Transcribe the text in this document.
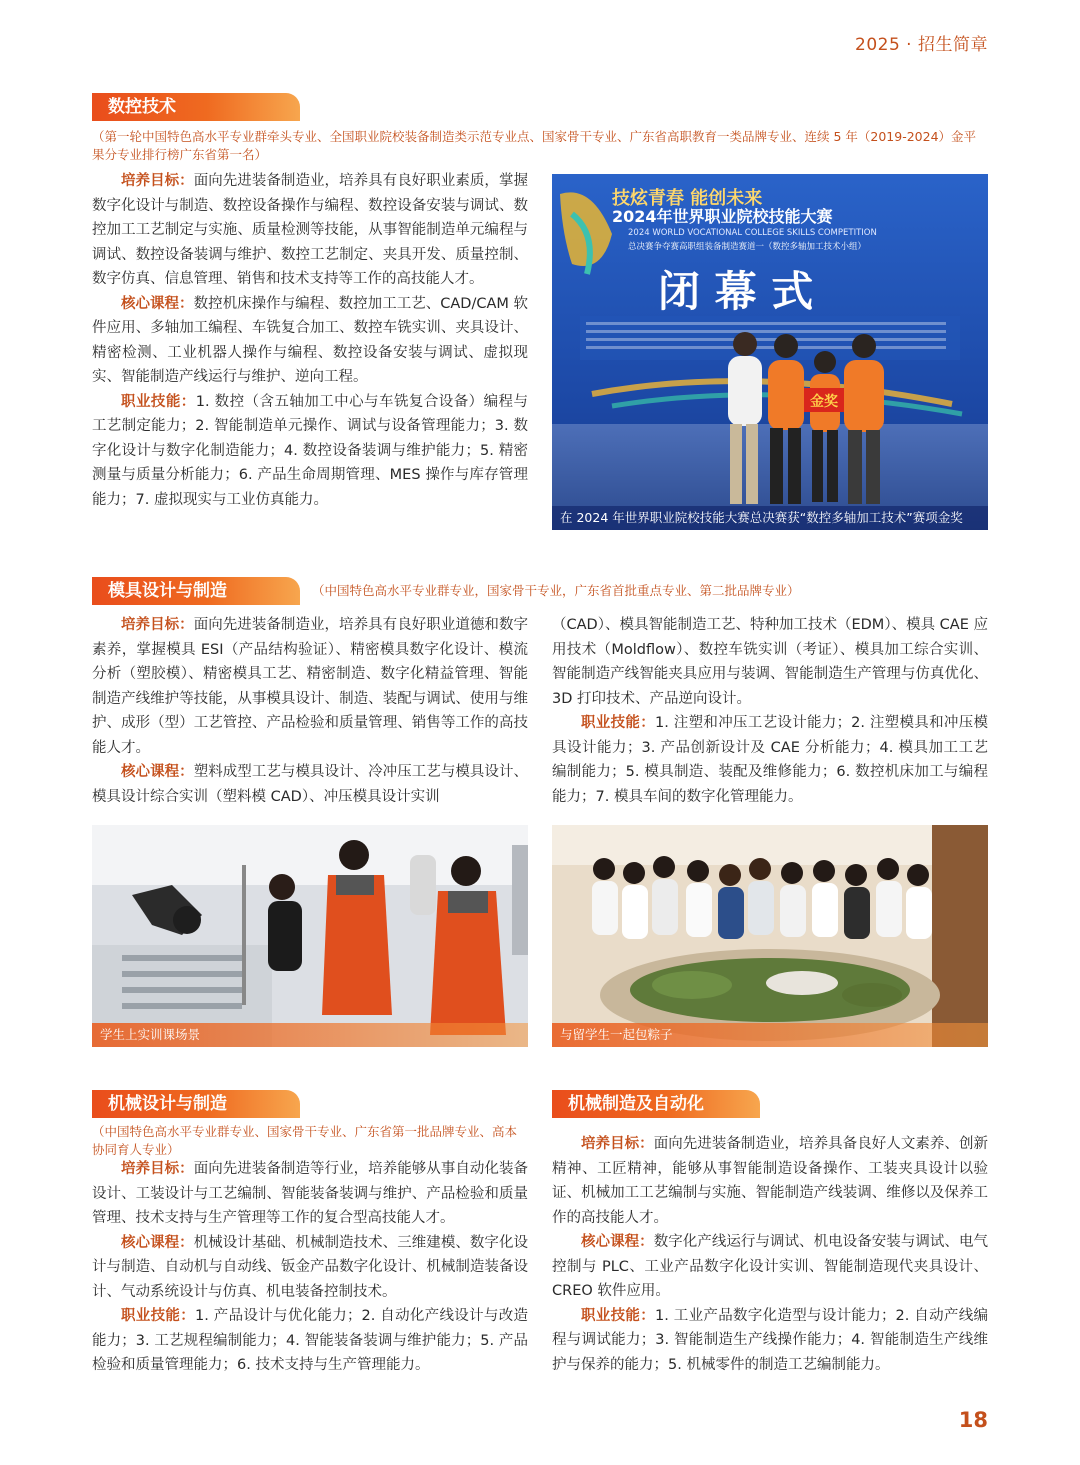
2025 · 招生简章
数控技术
（第一轮中国特色高水平专业群牵头专业、全国职业院校装备制造类示范专业点、国家骨干专业、广东省高职教育一类品牌专业、连续 5 年（2019-2024）金平果分专业排行榜广东省第一名）

培养目标：面向先进装备制造业，培养具有良好职业素质，掌握数字化设计与制造、数控设备操作与编程、数控设备安装与调试、数控加工工艺制定与实施、质量检测等技能，从事智能制造单元编程与调试、数控设备装调与维护、数控工艺制定、夹具开发、质量控制、数字仿真、信息管理、销售和技术支持等工作的高技能人才。

核心课程：数控机床操作与编程、数控加工工艺、CAD/CAM 软件应用、多轴加工编程、车铣复合加工、数控车铣实训、夹具设计、精密检测、工业机器人操作与编程、数控设备安装与调试、虚拟现实、智能制造产线运行与维护、逆向工程。

职业技能：1. 数控（含五轴加工中心与车铣复合设备）编程与工艺制定能力；2. 智能制造单元操作、调试与设备管理能力；3. 数字化设计与数字化制造能力；4. 数控设备装调与维护能力；5. 精密测量与质量分析能力；6. 产品生命周期管理、MES 操作与库存管理能力；7. 虚拟现实与工业仿真能力。

技炫青春 能创未来
2024年世界职业院校技能大赛
2024 WORLD VOCATIONAL COLLEGE SKILLS COMPETITION
总决赛争夺赛高职组装备制造赛道一（数控多轴加工技术小组）
闭 幕 式
金奖
在 2024 年世界职业院校技能大赛总决赛获“数控多轴加工技术”赛项金奖
模具设计与制造	（中国特色高水平专业群专业，国家骨干专业，广东省首批重点专业、第二批品牌专业）

培养目标：面向先进装备制造业，培养具有良好职业道德和数字素养，掌握模具 ESI（产品结构验证）、精密模具数字化设计、模流分析（塑胶模）、精密模具工艺、精密制造、数字化精益管理、智能制造产线维护等技能，从事模具设计、制造、装配与调试、使用与维护、成形（型）工艺管控、产品检验和质量管理、销售等工作的高技能人才。

核心课程：塑料成型工艺与模具设计、冷冲压工艺与模具设计、模具设计综合实训（塑料模 CAD）、冲压模具设计实训

（CAD）、模具智能制造工艺、特种加工技术（EDM）、模具 CAE 应用技术（Moldflow）、数控车铣实训（考证）、模具加工综合实训、智能制造产线智能夹具应用与装调、智能制造生产管理与仿真优化、3D 打印技术、产品逆向设计。

职业技能：1. 注塑和冲压工艺设计能力；2. 注塑模具和冲压模具设计能力；3. 产品创新设计及 CAE 分析能力；4. 模具加工工艺编制能力；5. 模具制造、装配及维修能力；6. 数控机床加工与编程能力；7. 模具车间的数字化管理能力。

学生上实训课场景	与留学生一起包粽子
机械设计与制造
（中国特色高水平专业群专业、国家骨干专业、广东省第一批品牌专业、高本协同育人专业）

培养目标：面向先进装备制造等行业，培养能够从事自动化装备设计、工装设计与工艺编制、智能装备装调与维护、产品检验和质量管理、技术支持与生产管理等工作的复合型高技能人才。

核心课程：机械设计基础、机械制造技术、三维建模、数字化设计与制造、自动机与自动线、钣金产品数字化设计、机械制造装备设计、气动系统设计与仿真、机电装备控制技术。

职业技能：1. 产品设计与优化能力；2. 自动化产线设计与改造能力；3. 工艺规程编制能力；4. 智能装备装调与维护能力；5. 产品检验和质量管理能力；6. 技术支持与生产管理能力。

机械制造及自动化

培养目标：面向先进装备制造业，培养具备良好人文素养、创新精神、工匠精神，能够从事智能制造设备操作、工装夹具设计以验证、机械加工工艺编制与实施、智能制造产线装调、维修以及保养工作的高技能人才。

核心课程：数字化产线运行与调试、机电设备安装与调试、电气控制与 PLC、工业产品数字化设计实训、智能制造现代夹具设计、CREO 软件应用。

职业技能：1. 工业产品数字化造型与设计能力；2. 自动产线编程与调试能力；3. 智能制造生产线操作能力；4. 智能制造生产线维护与保养的能力；5. 机械零件的制造工艺编制能力。

18
